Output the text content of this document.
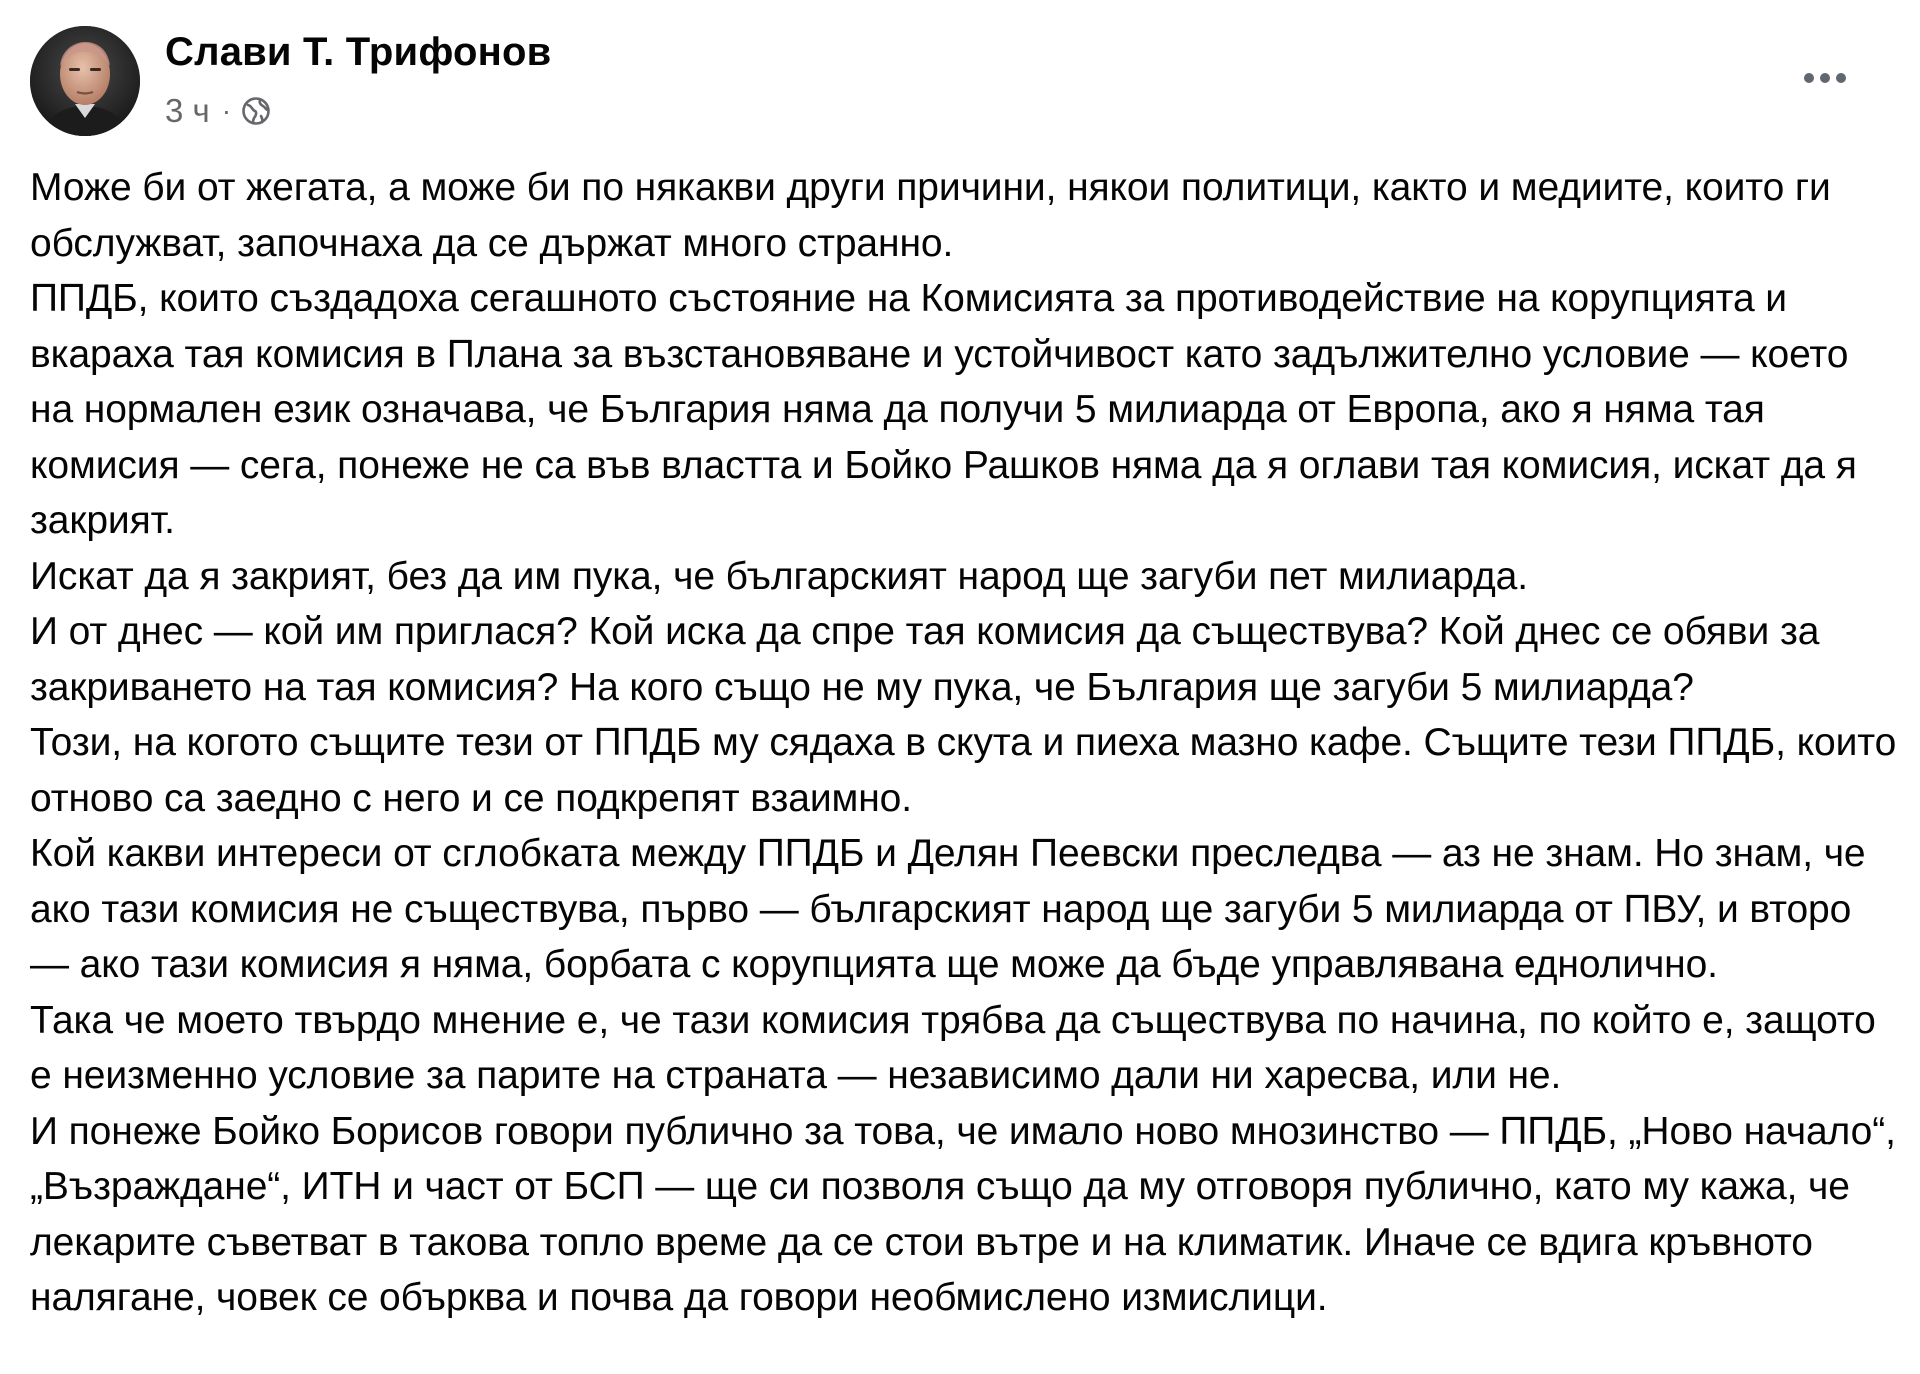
Слави Т. Трифонов
3 ч ·

Може би от жегата, а може би по някакви други причини, някои политици, както и медиите, които ги обслужват, започнаха да се държат много странно.

ППДБ, които създадоха сегашното състояние на Комисията за противодействие на корупцията и вкараха тая комисия в Плана за възстановяване и устойчивост като задължително условие — което на нормален език означава, че България няма да получи 5 милиарда от Европа, ако я няма тая комисия — сега, понеже не са във властта и Бойко Рашков няма да я оглави тая комисия, искат да я закрият.

Искат да я закрият, без да им пука, че българският народ ще загуби пет милиарда.

И от днес — кой им приглася? Кой иска да спре тая комисия да съществува? Кой днес се обяви за закриването на тая комисия? На кого също не му пука, че България ще загуби 5 милиарда?

Този, на когото същите тези от ППДБ му сядаха в скута и пиеха мазно кафе. Същите тези ППДБ, които отново са заедно с него и се подкрепят взаимно.

Кой какви интереси от сглобката между ППДБ и Делян Пеевски преследва — аз не знам. Но знам, че ако тази комисия не съществува, първо — българският народ ще загуби 5 милиарда от ПВУ, и второ — ако тази комисия я няма, борбата с корупцията ще може да бъде управлявана еднолично.

Така че моето твърдо мнение е, че тази комисия трябва да съществува по начина, по който е, защото е неизменно условие за парите на страната — независимо дали ни харесва, или не.

И понеже Бойко Борисов говори публично за това, че имало ново мнозинство — ППДБ, „Ново начало“, „Възраждане“, ИТН и част от БСП — ще си позволя също да му отговоря публично, като му кажа, че лекарите съветват в такова топло време да се стои вътре и на климатик. Иначе се вдига кръвното налягане, човек се обърква и почва да говори необмислено измислици.
